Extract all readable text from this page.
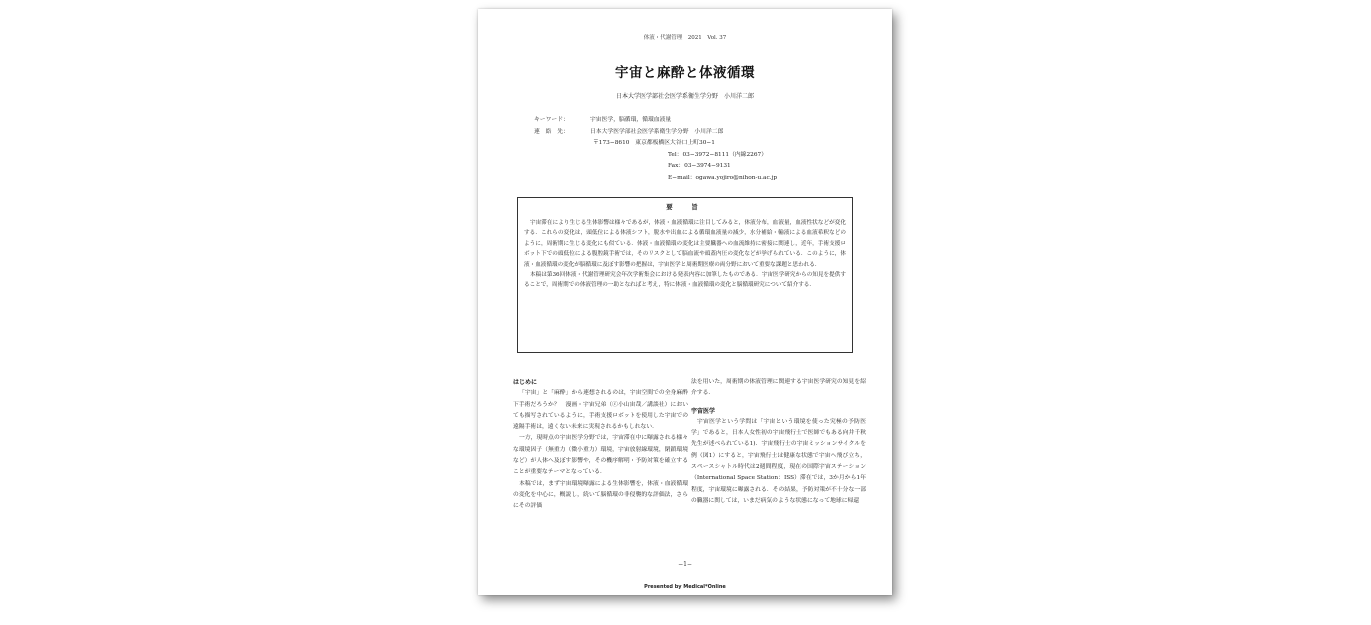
体液・代謝管理　2021　Vol. 37
宇宙と麻酔と体液循環
日本大学医学部社会医学系衛生学分野　小川洋二郎
キーワード：	宇宙医学，脳循環，循環血液量
連　絡　先：	日本大学医学部社会医学系衛生学分野　小川洋二郎
〒173−8610　東京都板橋区大谷口上町30−1
Tel：03−3972−8111（内線2267）
Fax：03−3974−9131
E−mail：ogawa.yojiro@nihon-u.ac.jp
要　旨

宇宙滞在により生じる生体影響は様々であるが，体液・血液循環に注目してみると，体液分布，血液量，血液性状などが変化する．これらの変化は，頭低位による体液シフト，脱水や出血による循環血液量の減少，水分補給・輸液による血液希釈などのように，周術期に生じる変化にも似ている．体液・血液循環の変化は主要臓器への血流維持に密接に関連し，近年，手術支援ロボット下での頭低位による腹腔鏡手術では，そのリスクとして脳血流や頭蓋内圧の変化などが挙げられている．このように，体液・血液循環の変化が脳循環に及ぼす影響の把握は，宇宙医学と周術期医療の両分野において重要な課題と思われる．

本稿は第36回体液・代謝管理研究会年次学術集会における発表内容に加筆したものである．宇宙医学研究からの知見を提供することで，周術期での体液管理の一助となればと考え，特に体液・血液循環の変化と脳循環研究について紹介する．

はじめに

「宇宙」と「麻酔」から連想されるのは，宇宙空間での全身麻酔下手術だろうか？　漫画・宇宙兄弟（ⓒ小山宙哉／講談社）においても描写されているように，手術支援ロボットを使用した宇宙での遠隔手術は，遠くない未来に実現されるかもしれない．

一方，現時点の宇宙医学分野では，宇宙滞在中に曝露される様々な環境因子（無重力（微小重力）環境，宇宙放射線環境，閉鎖環境など）が人体へ及ぼす影響や，その機序解明・予防対策を確立することが重要なテーマとなっている．

本稿では，まず宇宙環境曝露による生体影響を，体液・血液循環の変化を中心に，概説し，続いて脳循環の非侵襲的な評価法，さらにその評価

法を用いた，周術期の体液管理に関連する宇宙医学研究の知見を紹介する．

宇宙医学

宇宙医学という学問は「宇宙という環境を使った究極の予防医学」であると，日本人女性初の宇宙飛行士で医師でもある向井千秋先生が述べられている1)．宇宙飛行士の宇宙ミッションサイクルを例（図1）にすると，宇宙飛行士は健康な状態で宇宙へ飛び立ち，スペースシャトル時代は2週間程度，現在の国際宇宙ステーション（International Space Station：ISS）滞在では，3か月から1年程度，宇宙環境に曝露される．その結果，予防対策が不十分な一部の臓器に関しては，いまだ病気のような状態になって地球に帰還

−1−
Presented by Medical*Online
